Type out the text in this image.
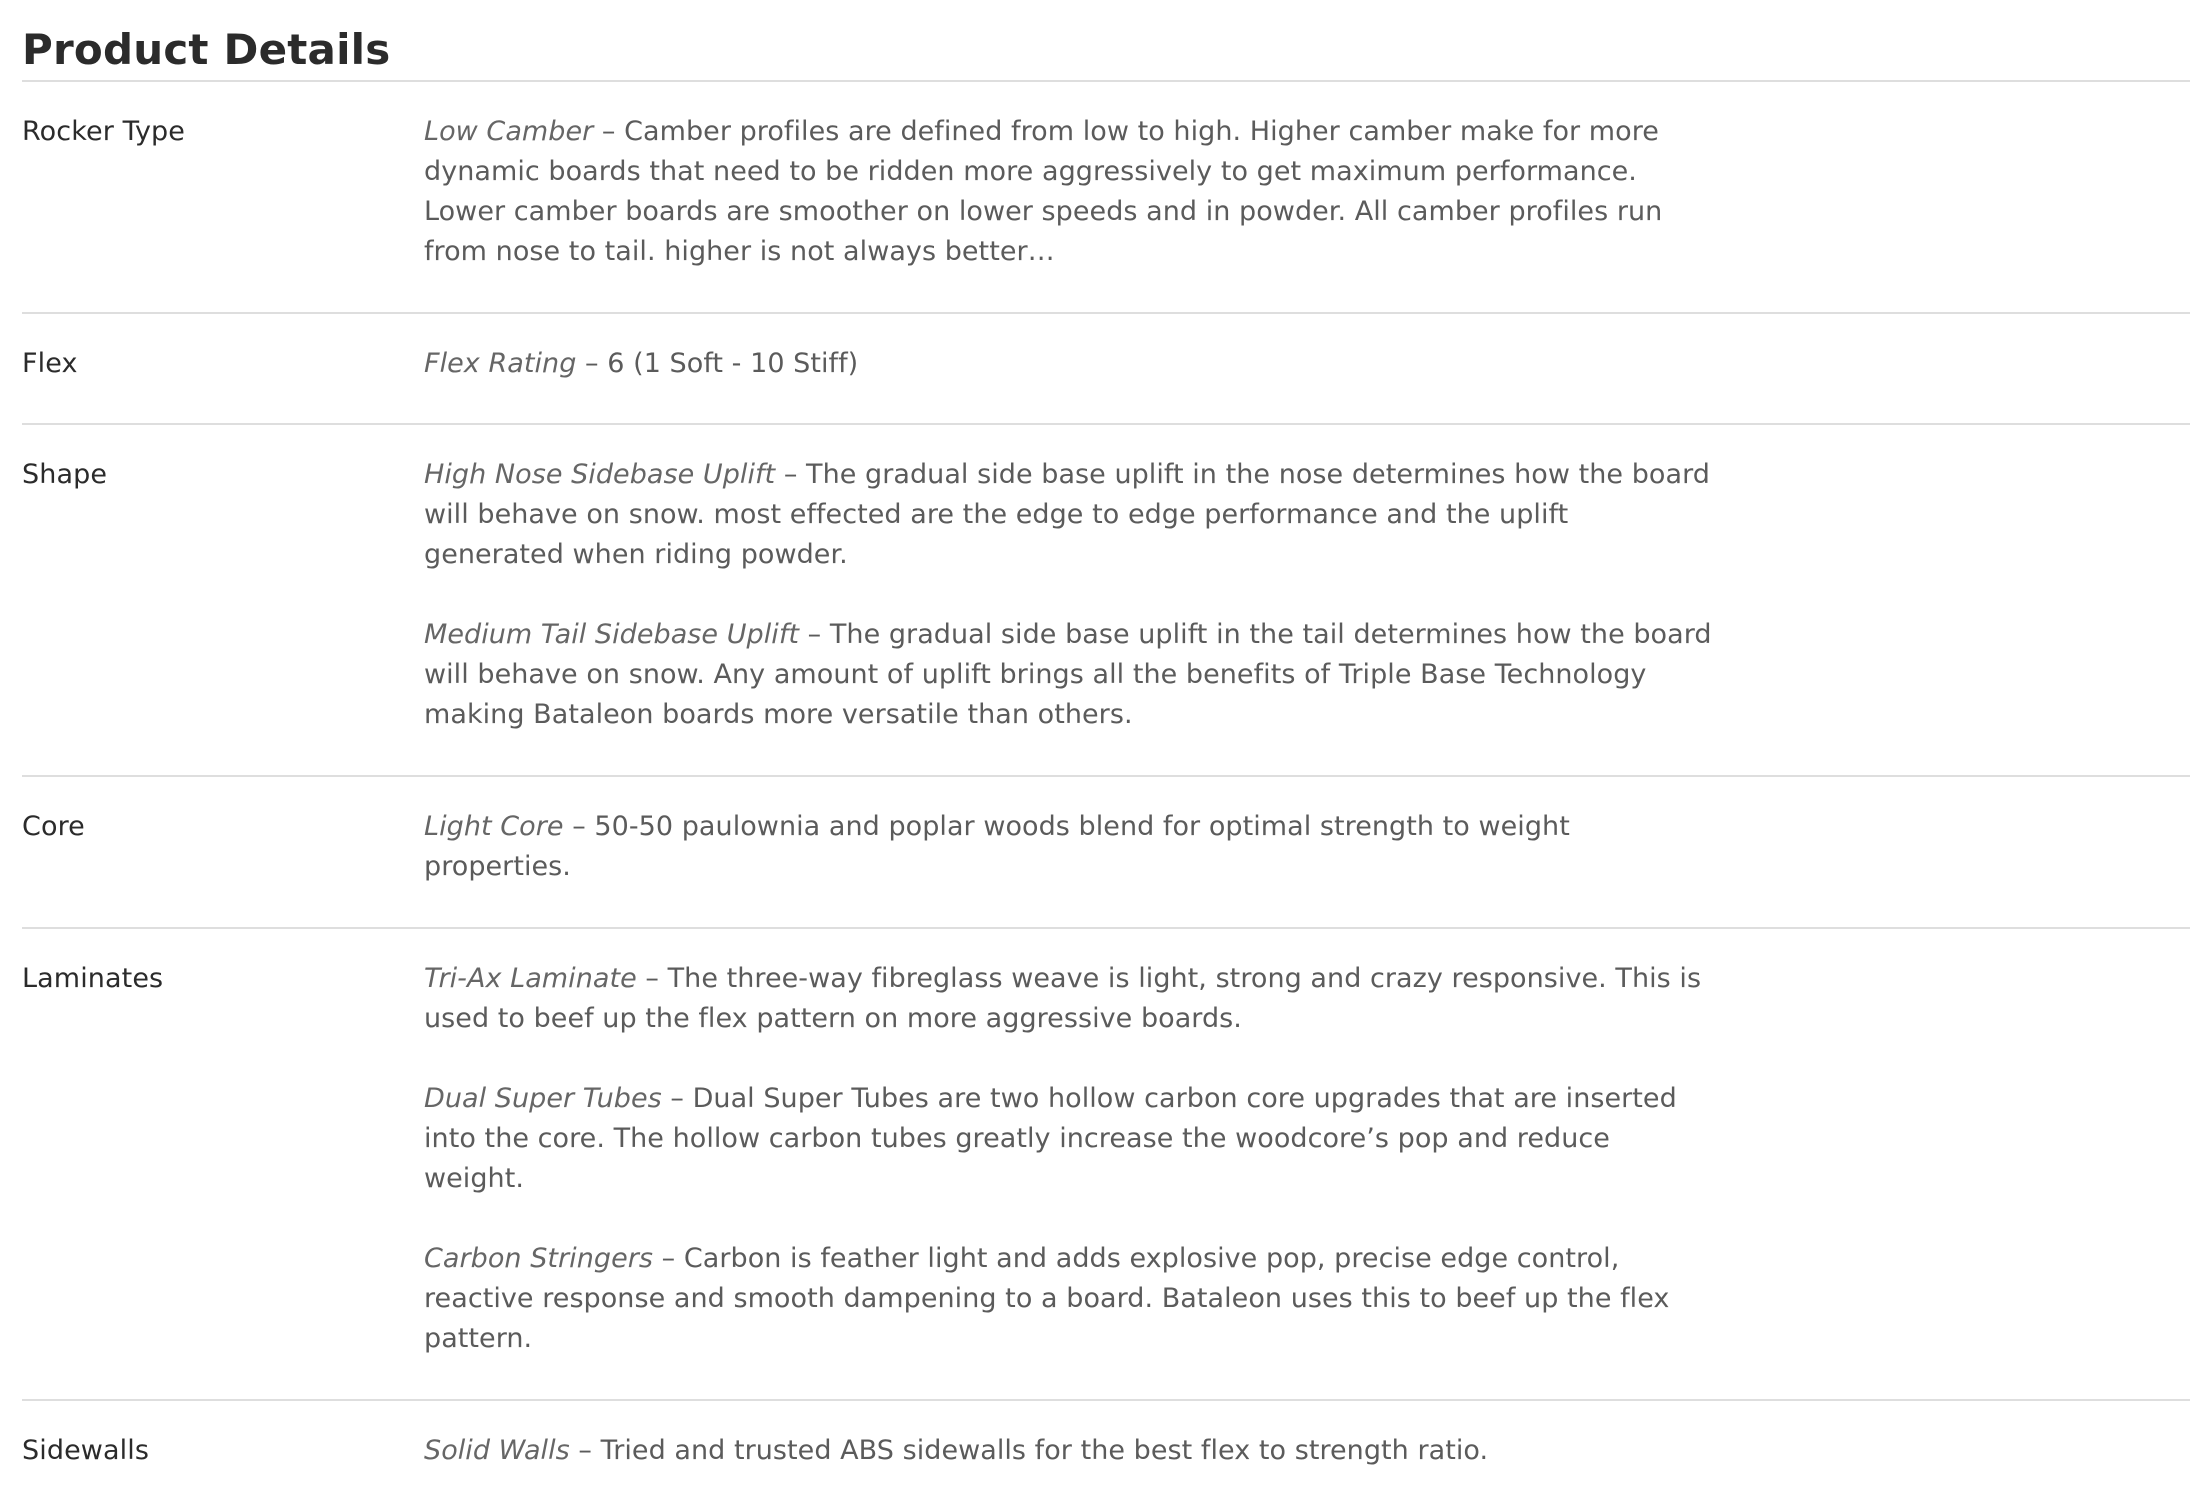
Product Details
Rocker Type	Low Camber – Camber profiles are defined from low to high. Higher camber make for more dynamic boards that need to be ridden more aggressively to get maximum performance. Lower camber boards are smoother on lower speeds and in powder. All camber profiles run from nose to tail. higher is not always better…
Flex	Flex Rating – 6 (1 Soft - 10 Stiff)
Shape	High Nose Sidebase Uplift – The gradual side base uplift in the nose determines how the board will behave on snow. most effected are the edge to edge performance and the uplift generated when riding powder.
Medium Tail Sidebase Uplift – The gradual side base uplift in the tail determines how the board will behave on snow. Any amount of uplift brings all the benefits of Triple Base Technology making Bataleon boards more versatile than others.
Core	Light Core – 50-50 paulownia and poplar woods blend for optimal strength to weight properties.
Laminates	Tri-Ax Laminate – The three-way fibreglass weave is light, strong and crazy responsive. This is used to beef up the flex pattern on more aggressive boards.
Dual Super Tubes – Dual Super Tubes are two hollow carbon core upgrades that are inserted into the core. The hollow carbon tubes greatly increase the woodcore’s pop and reduce weight.
Carbon Stringers – Carbon is feather light and adds explosive pop, precise edge control, reactive response and smooth dampening to a board. Bataleon uses this to beef up the flex pattern.
Sidewalls	Solid Walls – Tried and trusted ABS sidewalls for the best flex to strength ratio.
